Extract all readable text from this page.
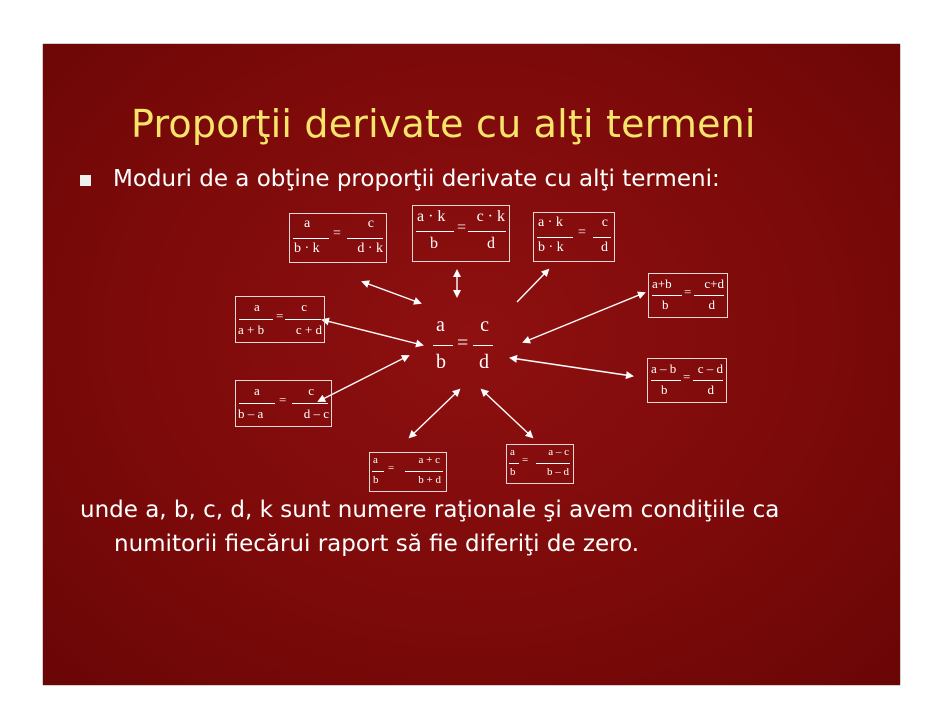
Proporţii derivate cu alţi termeni
Moduri de a obţine proporţii derivate cu alţi termeni:
a c
=
b d
a	c
=
b · k	d · k
a · k c · k
=
b	d
a · k	c
=
b · k	d
a+b	c+d
=
b	d
a	c
=
a + b c + d
a – b c – d
=
b	d
a	c
=
b – a	d – c
a	a + c
=
b	b + d
a	a – c
=
b	b – d
unde a, b, c, d, k sunt numere raţionale şi avem condiţiile ca
numitorii fiecărui raport să fie diferiţi de zero.
